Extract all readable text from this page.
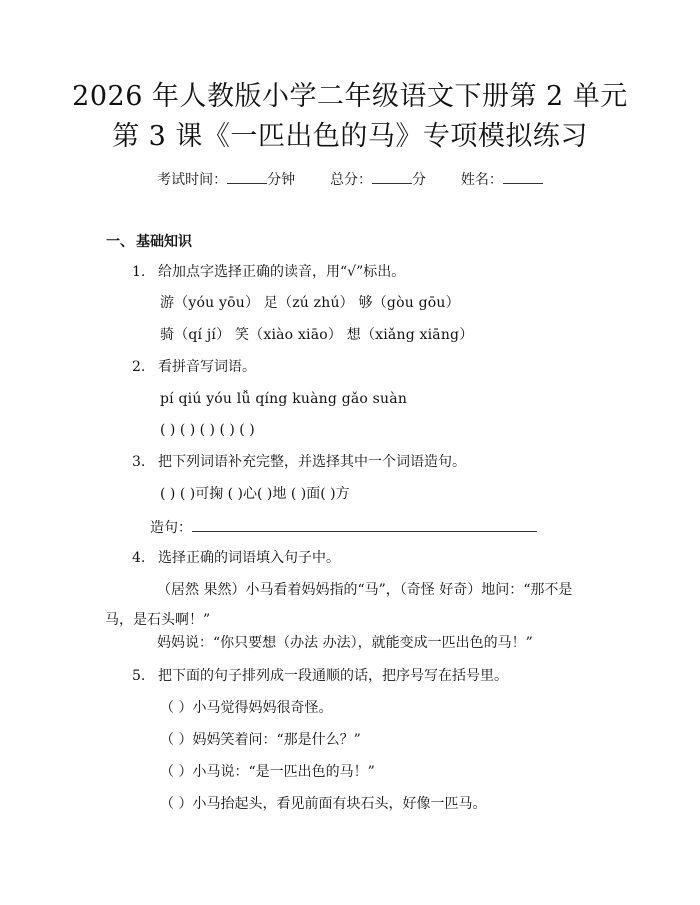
2026 年人教版小学二年级语文下册第 2 单元
第 3 课《一匹出色的马》专项模拟练习
考试时间：	分钟 总分：	分 姓名：
一、 基础知识
1. 给加点字选择正确的读音，用“√”标出。
游（yóu yōu） 足（zú zhú） 够（gòu gōu）
骑（qí jí） 笑（xiào xiāo） 想（xiǎng xiāng）
2. 看拼音写词语。
pí qiú yóu lǚ qíng kuàng gǎo suàn
( ) ( ) ( ) ( ) ( )
3. 把下列词语补充完整，并选择其中一个词语造句。
( ) ( )可掬 ( )心( )地 ( )面( )方
造句：
4. 选择正确的词语填入句子中。
（居然 果然）小马看着妈妈指的“马”，（奇怪 好奇）地问：“那不是马，是石头啊！”
妈妈说：“你只要想（办法 办法），就能变成一匹出色的马！”
5. 把下面的句子排列成一段通顺的话，把序号写在括号里。
（ ）小马觉得妈妈很奇怪。
（ ）妈妈笑着问：“那是什么？”
（ ）小马说：“是一匹出色的马！”
（ ）小马抬起头，看见前面有块石头，好像一匹马。
